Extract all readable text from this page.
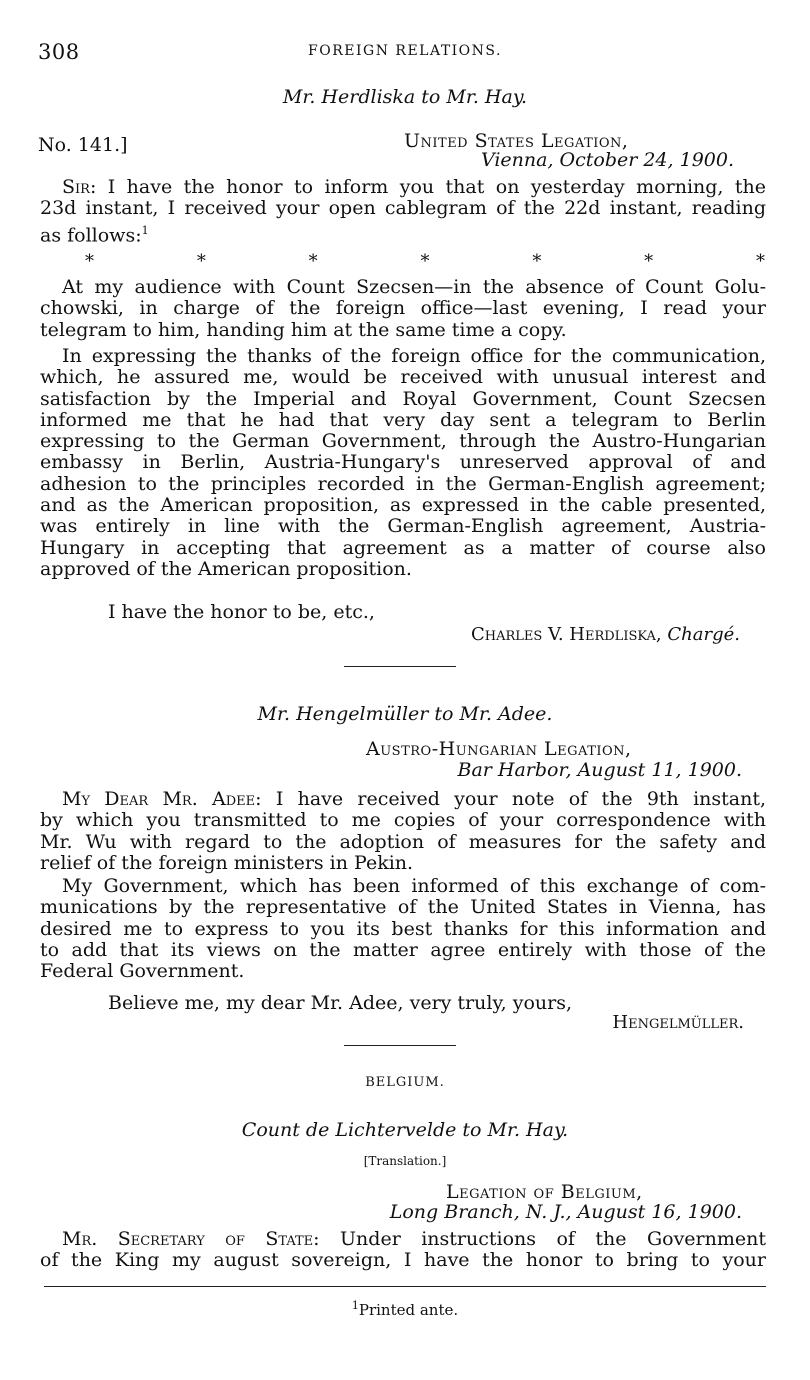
308	FOREIGN RELATIONS.
Mr. Herdliska to Mr. Hay.
No. 141.]	United States Legation,
Vienna, October 24, 1900.
Sir: I have the honor to inform you that on yesterday morning, the
23d instant, I received your open cablegram of the 22d instant, reading
as follows:$^1$
*	*	*	*	*	*	*
At my audience with Count Szecsen—in the absence of Count Golu-
chowski, in charge of the foreign office—last evening, I read your
telegram to him, handing him at the same time a copy.
In expressing the thanks of the foreign office for the communication,
which, he assured me, would be received with unusual interest and
satisfaction by the Imperial and Royal Government, Count Szecsen
informed me that he had that very day sent a telegram to Berlin
expressing to the German Government, through the Austro-Hungarian
embassy in Berlin, Austria-Hungary's unreserved approval of and
adhesion to the principles recorded in the German-English agreement;
and as the American proposition, as expressed in the cable presented,
was entirely in line with the German-English agreement, Austria-
Hungary in accepting that agreement as a matter of course also
approved of the American proposition.
I have the honor to be, etc.,
Charles V. Herdliska, Chargé.
Mr. Hengelmüller to Mr. Adee.
Austro-Hungarian Legation,
Bar Harbor, August 11, 1900.
My Dear Mr. Adee: I have received your note of the 9th instant,
by which you transmitted to me copies of your correspondence with
Mr. Wu with regard to the adoption of measures for the safety and
relief of the foreign ministers in Pekin.
My Government, which has been informed of this exchange of com-
munications by the representative of the United States in Vienna, has
desired me to express to you its best thanks for this information and
to add that its views on the matter agree entirely with those of the
Federal Government.
Believe me, my dear Mr. Adee, very truly, yours,
Hengelmüller.
BELGIUM.
Count de Lichtervelde to Mr. Hay.
[Translation.]
Legation of Belgium,
Long Branch, N. J., August 16, 1900.
Mr. Secretary of State: Under instructions of the Government
of the King my august sovereign, I have the honor to bring to your
$^1$Printed ante.
